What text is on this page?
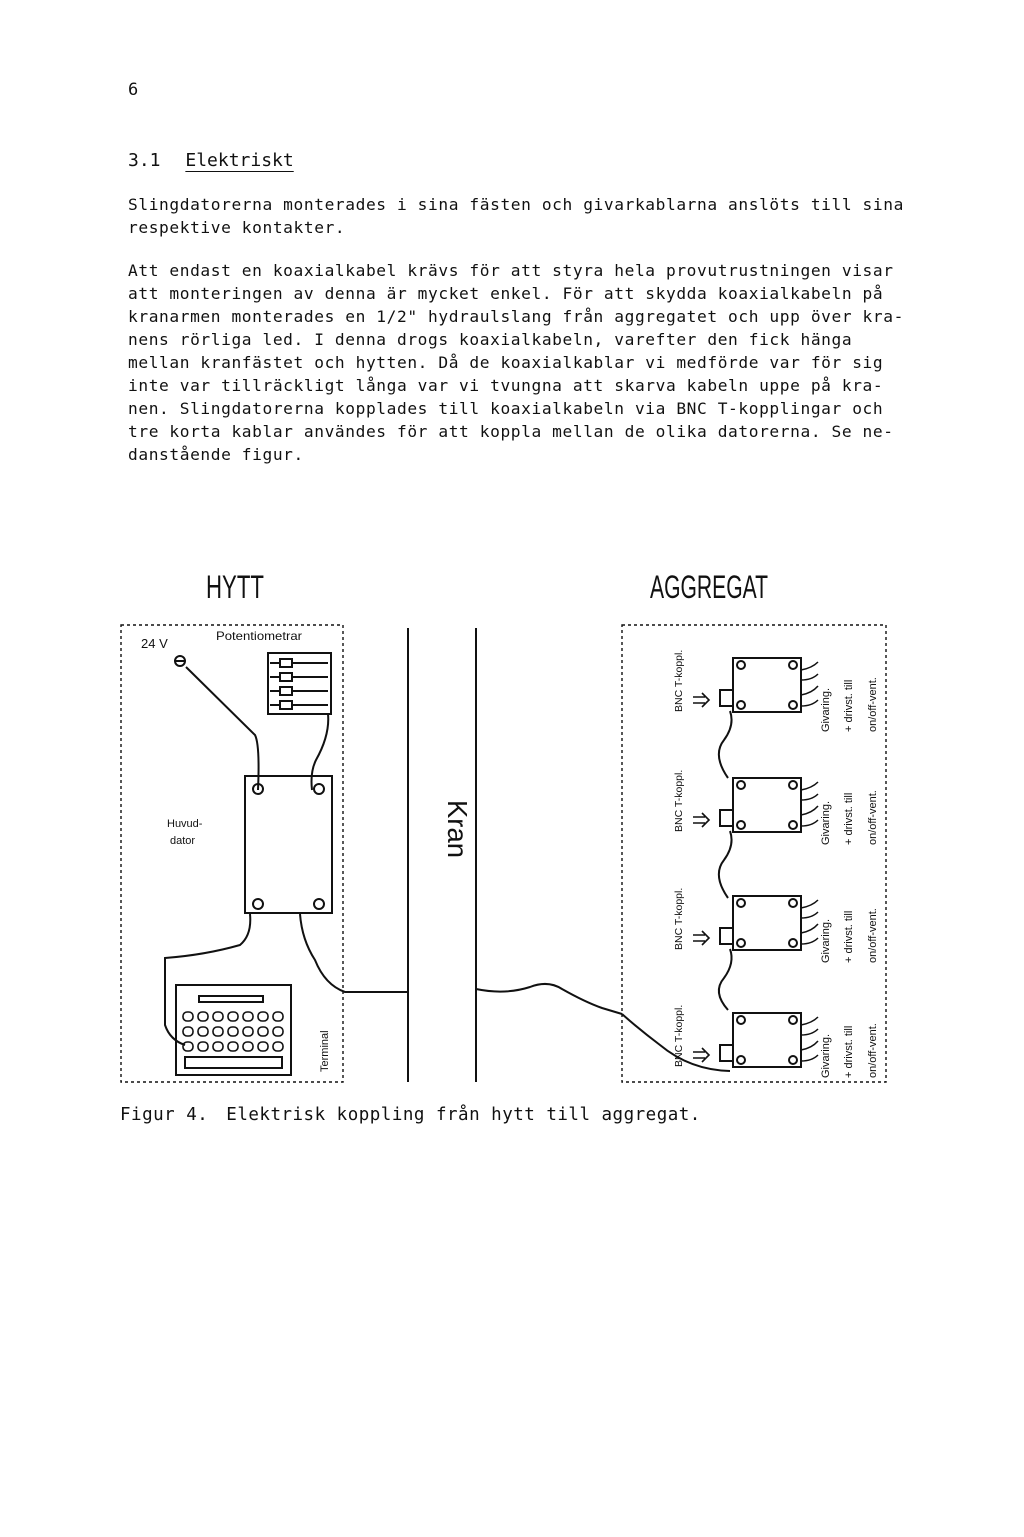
6
3.1 Elektriskt

Slingdatorerna monterades i sina fästen och givarkablarna anslöts till sina
respektive kontakter.

Att endast en koaxialkabel krävs för att styra hela provutrustningen visar
att monteringen av denna är mycket enkel. För att skydda koaxialkabeln på
kranarmen monterades en 1/2" hydraulslang från aggregatet och upp över kra-
nens rörliga led. I denna drogs koaxialkabeln, varefter den fick hänga
mellan kranfästet och hytten. Då de koaxialkablar vi medförde var för sig
inte var tillräckligt långa var vi tvungna att skarva kabeln uppe på kra-
nen. Slingdatorerna kopplades till koaxialkabeln via BNC T-kopplingar och
tre korta kablar användes för att koppla mellan de olika datorerna. Se ne-
danstående figur.

HYTT	AGGREGAT
24 V	Potentiometrar
Huvud- dator
Terminal
Kran
BNC T-koppl.	Givaring. + drivst. till on/off-vent.
BNC T-koppl.	Givaring. + drivst. till on/off-vent.
BNC T-koppl.	Givaring. + drivst. till on/off-vent.
BNC T-koppl.	Givaring. + drivst. till on/off-vent.
Figur 4. Elektrisk koppling från hytt till aggregat.
